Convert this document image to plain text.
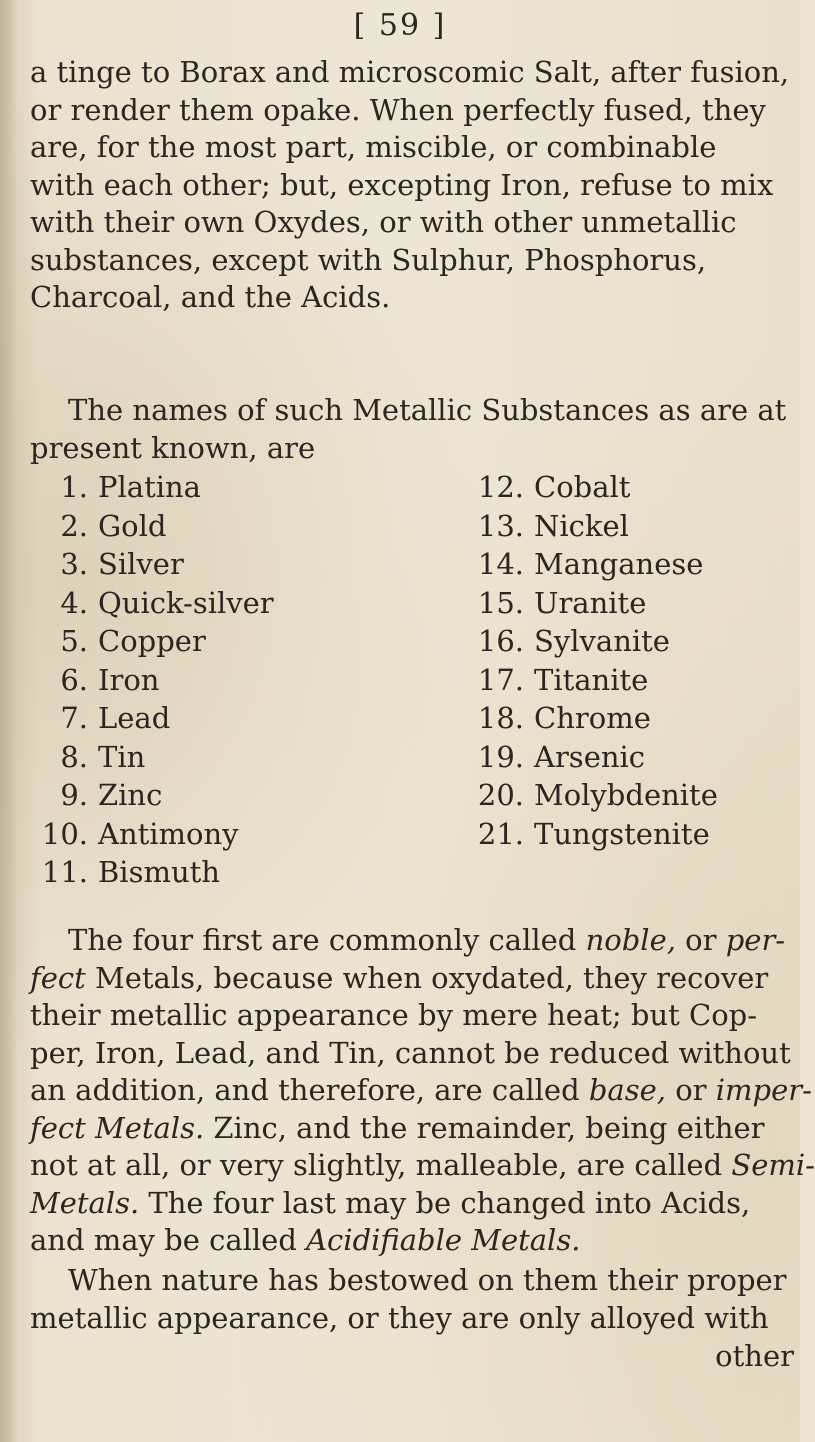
[ 59 ]
a tinge to Borax and microscomic Salt, after fusion,
or render them opake. When perfectly fused, they
are, for the most part, miscible, or combinable
with each other; but, excepting Iron, refuse to mix
with their own Oxydes, or with other unmetallic
substances, except with Sulphur, Phosphorus,
Charcoal, and the Acids.
The names of such Metallic Substances as are at
present known, are
1. Platina
2. Gold
3. Silver
4. Quick-silver
5. Copper
6. Iron
7. Lead
8. Tin
9. Zinc
10. Antimony
11. Bismuth
12. Cobalt
13. Nickel
14. Manganese
15. Uranite
16. Sylvanite
17. Titanite
18. Chrome
19. Arsenic
20. Molybdenite
21. Tungstenite
The four first are commonly called noble, or per-
fect Metals, because when oxydated, they recover
their metallic appearance by mere heat; but Cop-
per, Iron, Lead, and Tin, cannot be reduced without
an addition, and therefore, are called base, or imper-
fect Metals. Zinc, and the remainder, being either
not at all, or very slightly, malleable, are called Semi-
Metals. The four last may be changed into Acids,
and may be called Acidifiable Metals.
When nature has bestowed on them their proper
metallic appearance, or they are only alloyed with
other
